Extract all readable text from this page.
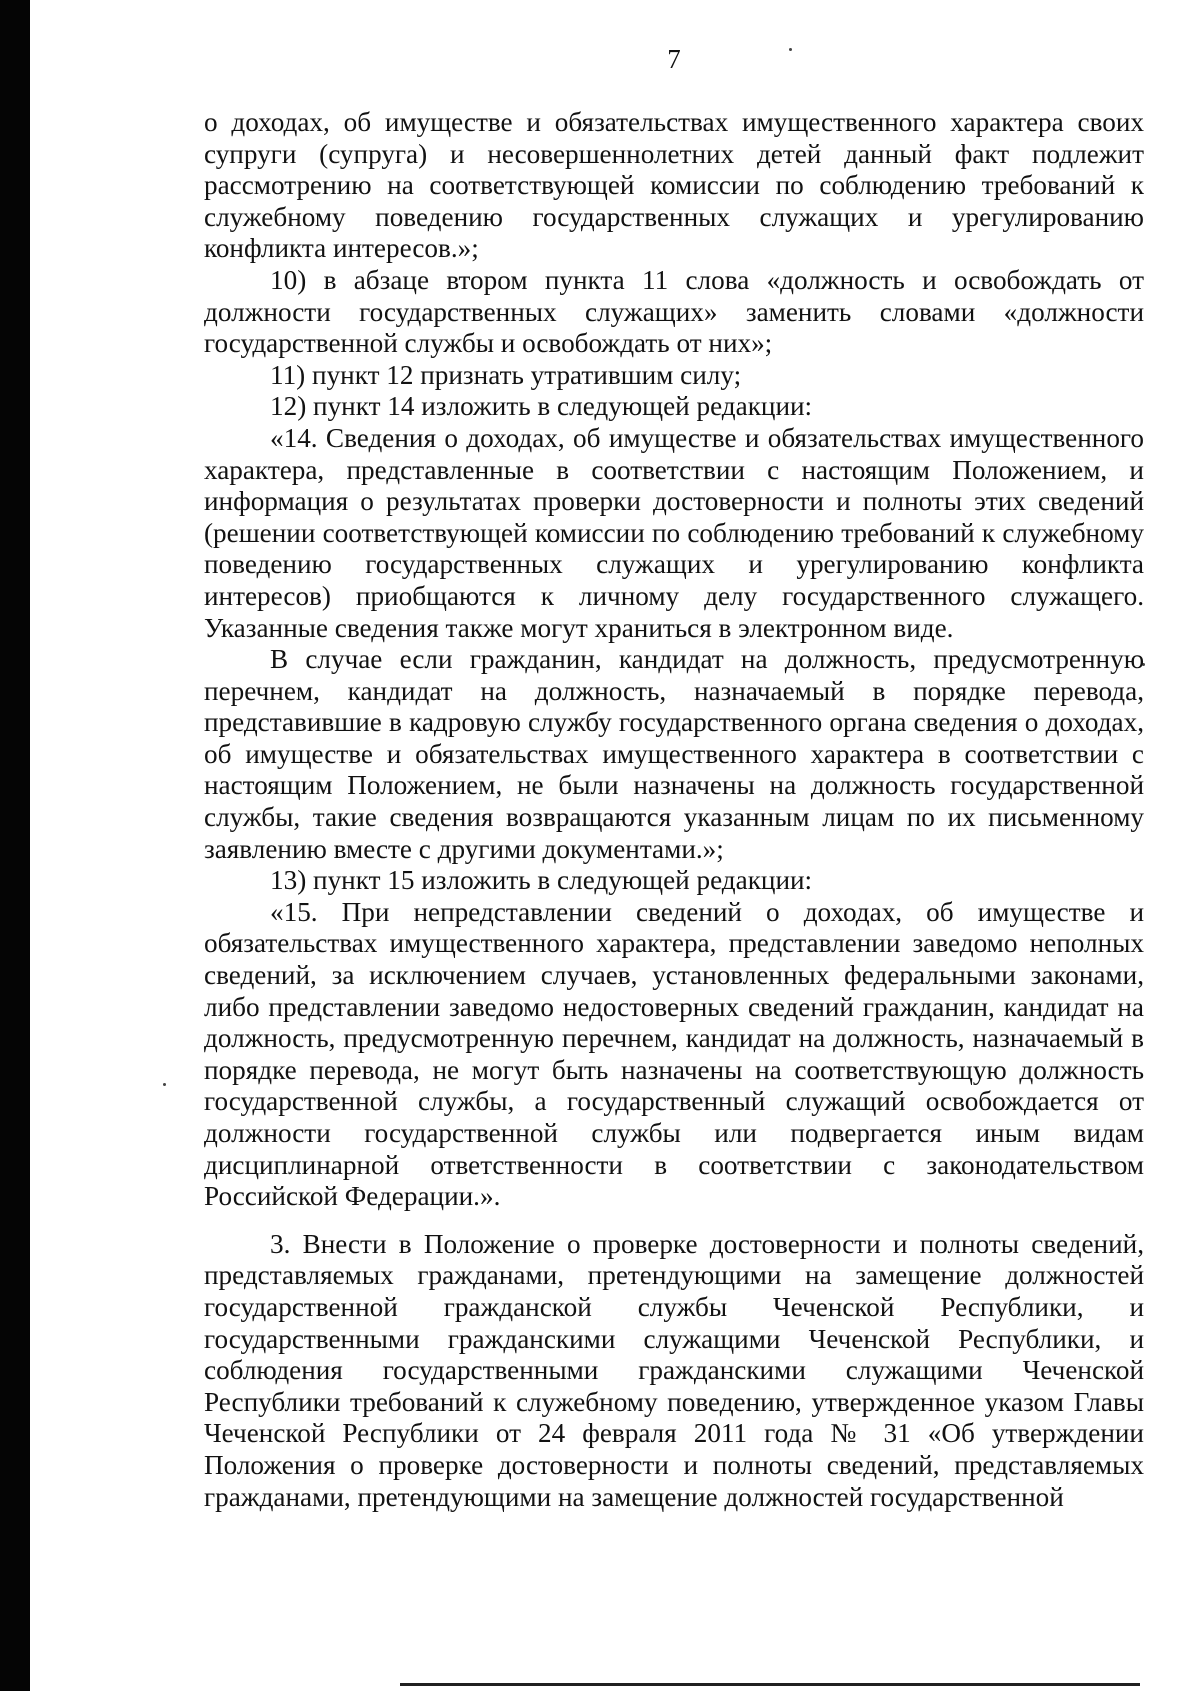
7

о доходах, об имуществе и обязательствах имущественного характера своих супруги (супруга) и несовершеннолетних детей данный факт подлежит рассмотрению на соответствующей комиссии по соблюдению требований к служебному поведению государственных служащих и урегулированию конфликта интересов.»;

10) в абзаце втором пункта 11 слова «должность и освобождать от должности государственных служащих» заменить словами «должности государственной службы и освобождать от них»;

11) пункт 12 признать утратившим силу;

12) пункт 14 изложить в следующей редакции:

«14. Сведения о доходах, об имуществе и обязательствах имущественного характера, представленные в соответствии с настоящим Положением, и информация о результатах проверки достоверности и полноты этих сведений (решении соответствующей комиссии по соблюдению требований к служебному поведению государственных служащих и урегулированию конфликта интересов) приобщаются к личному делу государственного служащего. Указанные сведения также могут храниться в электронном виде.

В случае если гражданин, кандидат на должность, предусмотренную перечнем, кандидат на должность, назначаемый в порядке перевода, представившие в кадровую службу государственного органа сведения о доходах, об имуществе и обязательствах имущественного характера в соответствии с настоящим Положением, не были назначены на должность государственной службы, такие сведения возвращаются указанным лицам по их письменному заявлению вместе с другими документами.»;

13) пункт 15 изложить в следующей редакции:

«15. При непредставлении сведений о доходах, об имуществе и обязательствах имущественного характера, представлении заведомо неполных сведений, за исключением случаев, установленных федеральными законами, либо представлении заведомо недостоверных сведений гражданин, кандидат на должность, предусмотренную перечнем, кандидат на должность, назначаемый в порядке перевода, не могут быть назначены на соответствующую должность государственной службы, а государственный служащий освобождается от должности государственной службы или подвергается иным видам дисциплинарной ответственности в соответствии с законодательством Российской Федерации.».

3. Внести в Положение о проверке достоверности и полноты сведений, представляемых гражданами, претендующими на замещение должностей государственной гражданской службы Чеченской Республики, и государственными гражданскими служащими Чеченской Республики, и соблюдения государственными гражданскими служащими Чеченской Республики требований к служебному поведению, утвержденное указом Главы Чеченской Республики от 24 февраля 2011 года № 31 «Об утверждении Положения о проверке достоверности и полноты сведений, представляемых гражданами, претендующими на замещение должностей государственной
